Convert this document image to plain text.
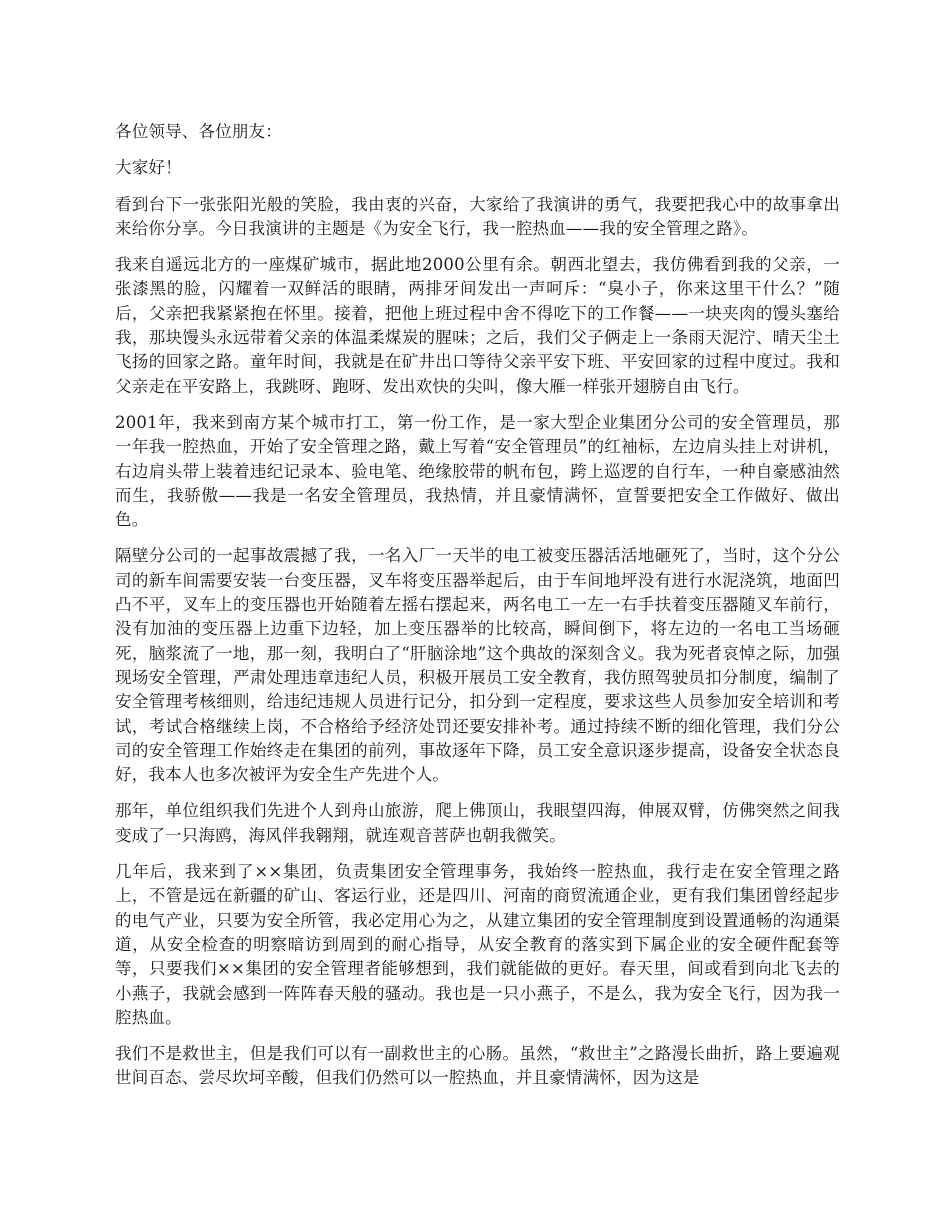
各位领导、各位朋友：

大家好！

看到台下一张张阳光般的笑脸，我由衷的兴奋，大家给了我演讲的勇气，我要把我心中的故事拿出来给你分享。今日我演讲的主题是《为安全飞行，我一腔热血——我的安全管理之路》。

我来自遥远北方的一座煤矿城市，据此地2000公里有余。朝西北望去，我仿佛看到我的父亲，一张漆黑的脸，闪耀着一双鲜活的眼睛，两排牙间发出一声呵斥：“臭小子，你来这里干什么？”随后，父亲把我紧紧抱在怀里。接着，把他上班过程中舍不得吃下的工作餐——一块夹肉的馒头塞给我，那块馒头永远带着父亲的体温柔煤炭的腥味；之后，我们父子俩走上一条雨天泥泞、晴天尘土飞扬的回家之路。童年时间，我就是在矿井出口等待父亲平安下班、平安回家的过程中度过。我和父亲走在平安路上，我跳呀、跑呀、发出欢快的尖叫，像大雁一样张开翅膀自由飞行。

2001年，我来到南方某个城市打工，第一份工作，是一家大型企业集团分公司的安全管理员，那一年我一腔热血，开始了安全管理之路，戴上写着“安全管理员”的红袖标，左边肩头挂上对讲机，右边肩头带上装着违纪记录本、验电笔、绝缘胶带的帆布包，跨上巡逻的自行车，一种自豪感油然而生，我骄傲——我是一名安全管理员，我热情，并且豪情满怀，宣誓要把安全工作做好、做出色。

隔壁分公司的一起事故震撼了我，一名入厂一天半的电工被变压器活活地砸死了，当时，这个分公司的新车间需要安装一台变压器，叉车将变压器举起后，由于车间地坪没有进行水泥浇筑，地面凹凸不平，叉车上的变压器也开始随着左摇右摆起来，两名电工一左一右手扶着变压器随叉车前行，没有加油的变压器上边重下边轻，加上变压器举的比较高，瞬间倒下，将左边的一名电工当场砸死，脑浆流了一地，那一刻，我明白了“肝脑涂地”这个典故的深刻含义。我为死者哀悼之际，加强现场安全管理，严肃处理违章违纪人员，积极开展员工安全教育，我仿照驾驶员扣分制度，编制了安全管理考核细则，给违纪违规人员进行记分，扣分到一定程度，要求这些人员参加安全培训和考试，考试合格继续上岗，不合格给予经济处罚还要安排补考。通过持续不断的细化管理，我们分公司的安全管理工作始终走在集团的前列，事故逐年下降，员工安全意识逐步提高，设备安全状态良好，我本人也多次被评为安全生产先进个人。

那年，单位组织我们先进个人到舟山旅游，爬上佛顶山，我眼望四海，伸展双臂，仿佛突然之间我变成了一只海鸥，海风伴我翱翔，就连观音菩萨也朝我微笑。

几年后，我来到了××集团，负责集团安全管理事务，我始终一腔热血，我行走在安全管理之路上，不管是远在新疆的矿山、客运行业，还是四川、河南的商贸流通企业，更有我们集团曾经起步的电气产业，只要为安全所管，我必定用心为之，从建立集团的安全管理制度到设置通畅的沟通渠道，从安全检查的明察暗访到周到的耐心指导，从安全教育的落实到下属企业的安全硬件配套等等，只要我们××集团的安全管理者能够想到，我们就能做的更好。春天里，间或看到向北飞去的小燕子，我就会感到一阵阵春天般的骚动。我也是一只小燕子，不是么，我为安全飞行，因为我一腔热血。

我们不是救世主，但是我们可以有一副救世主的心肠。虽然，“救世主”之路漫长曲折，路上要遍观世间百态、尝尽坎坷辛酸，但我们仍然可以一腔热血，并且豪情满怀，因为这是
